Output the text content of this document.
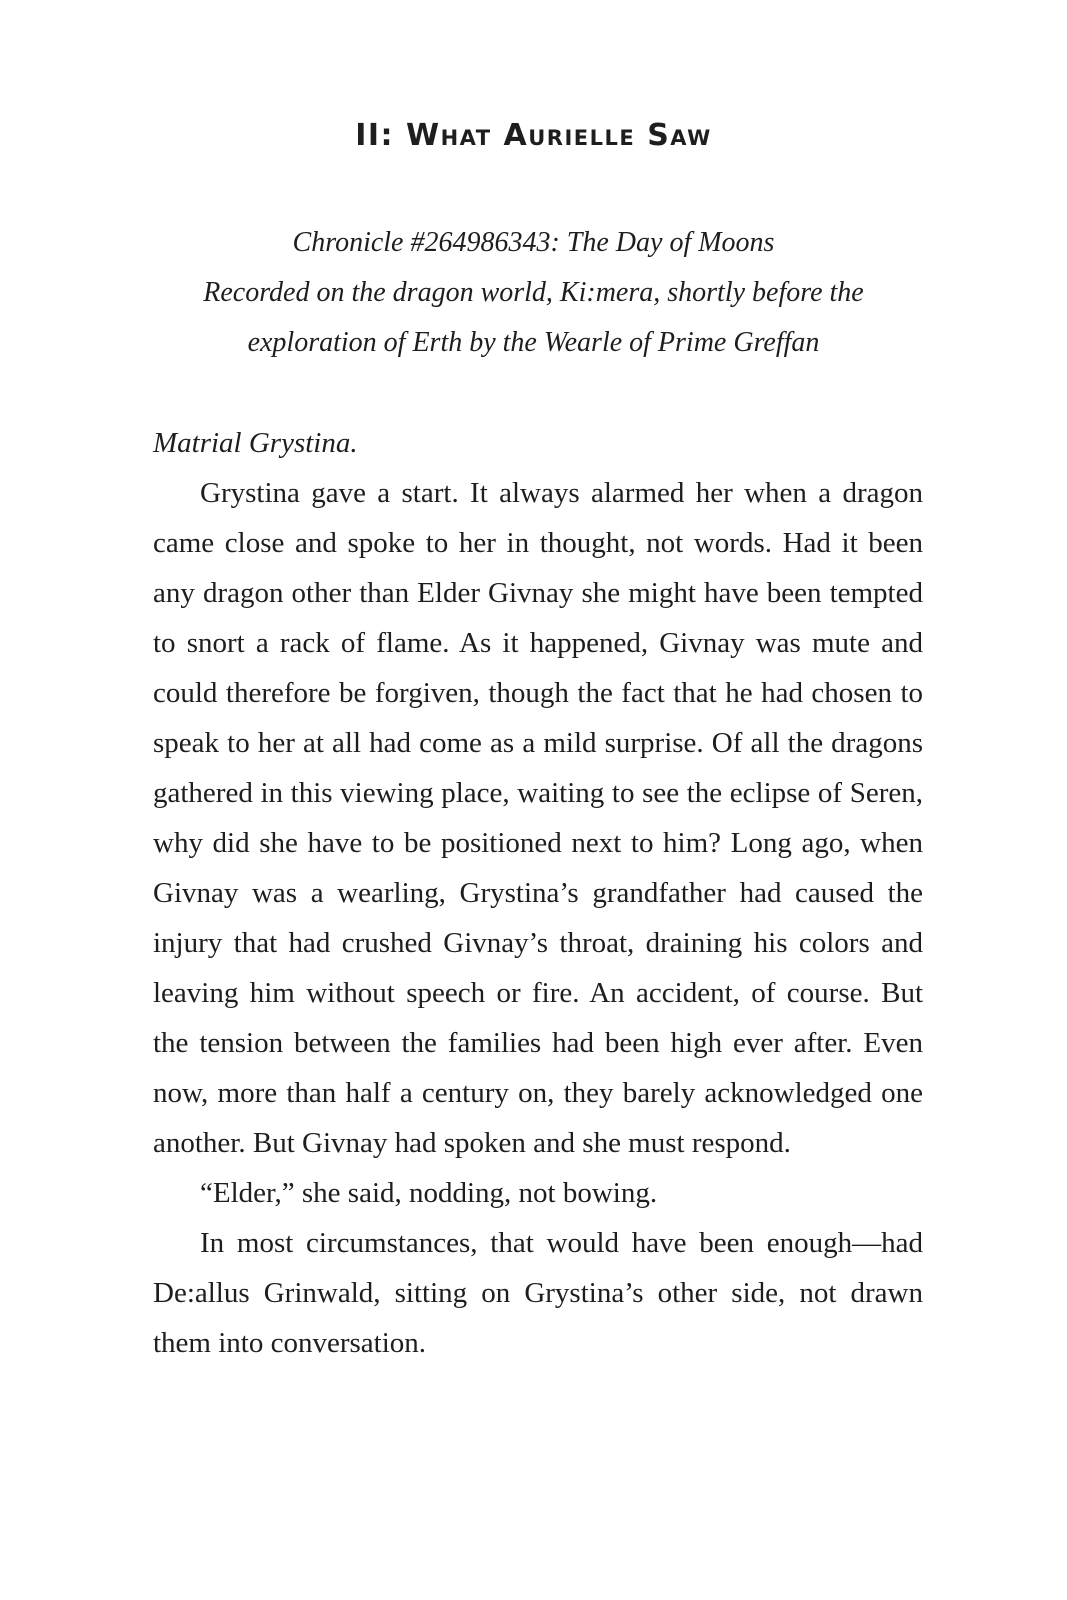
II: What Aurielle Saw
Chronicle #264986343: The Day of Moons
Recorded on the dragon world, Ki:mera, shortly before the
exploration of Erth by the Wearle of Prime Greffan

Matrial Grystina.

Grystina gave a start. It always alarmed her when a dragon came close and spoke to her in thought, not words. Had it been any dragon other than Elder Givnay she might have been tempted to snort a rack of flame. As it happened, Givnay was mute and could therefore be forgiven, though the fact that he had chosen to speak to her at all had come as a mild surprise. Of all the dragons gathered in this viewing place, waiting to see the eclipse of Seren, why did she have to be positioned next to him? Long ago, when Givnay was a wearling, Grystina’s grandfather had caused the injury that had crushed Givnay’s throat, draining his colors and leaving him without speech or fire. An accident, of course. But the tension between the families had been high ever after. Even now, more than half a century on, they barely acknowledged one another. But Givnay had spoken and she must respond.

“Elder,” she said, nodding, not bowing.

In most circumstances, that would have been enough—had De:allus Grinwald, sitting on Grystina’s other side, not drawn them into conversation.
